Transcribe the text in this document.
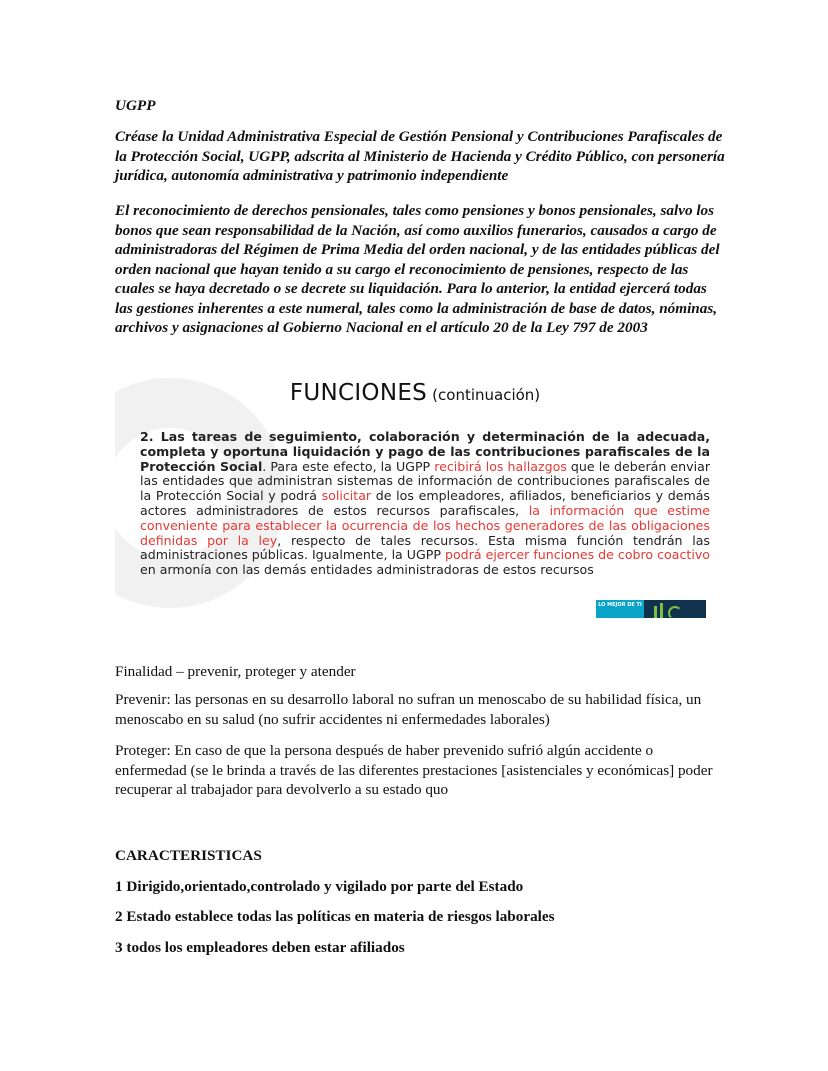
UGPP
Créase la Unidad Administrativa Especial de Gestión Pensional y Contribuciones Parafiscales de la Protección Social, UGPP, adscrita al Ministerio de Hacienda y Crédito Público, con personería jurídica, autonomía administrativa y patrimonio independiente
El reconocimiento de derechos pensionales, tales como pensiones y bonos pensionales, salvo los bonos que sean responsabilidad de la Nación, así como auxilios funerarios, causados a cargo de administradoras del Régimen de Prima Media del orden nacional, y de las entidades públicas del orden nacional que hayan tenido a su cargo el reconocimiento de pensiones, respecto de las cuales se haya decretado o se decrete su liquidación. Para lo anterior, la entidad ejercerá todas las gestiones inherentes a este numeral, tales como la administración de base de datos, nóminas, archivos y asignaciones al Gobierno Nacional en el artículo 20 de la Ley 797 de 2003
FUNCIONES (continuación)
2. Las tareas de seguimiento, colaboración y determinación de la adecuada, completa y oportuna liquidación y pago de las contribuciones parafiscales de la Protección Social. Para este efecto, la UGPP recibirá los hallazgos que le deberán enviar las entidades que administran sistemas de información de contribuciones parafiscales de la Protección Social y podrá solicitar de los empleadores, afiliados, beneficiarios y demás actores administradores de estos recursos parafiscales, la información que estime conveniente para establecer la ocurrencia de los hechos generadores de las obligaciones definidas por la ley, respecto de tales recursos. Esta misma función tendrán las administraciones públicas. Igualmente, la UGPP podrá ejercer funciones de cobro coactivo en armonía con las demás entidades administradoras de estos recursos
LO MEJOR DE TI
Finalidad – prevenir, proteger y atender
Prevenir: las personas en su desarrollo laboral no sufran un menoscabo de su habilidad física, un menoscabo en su salud (no sufrir accidentes ni enfermedades laborales)
Proteger: En caso de que la persona después de haber prevenido sufrió algún accidente o enfermedad (se le brinda a través de las diferentes prestaciones [asistenciales y económicas] poder recuperar al trabajador para devolverlo a su estado quo
CARACTERISTICAS
1 Dirigido,orientado,controlado y vigilado por parte del Estado
2 Estado establece todas las políticas en materia de riesgos laborales
3 todos los empleadores deben estar afiliados
